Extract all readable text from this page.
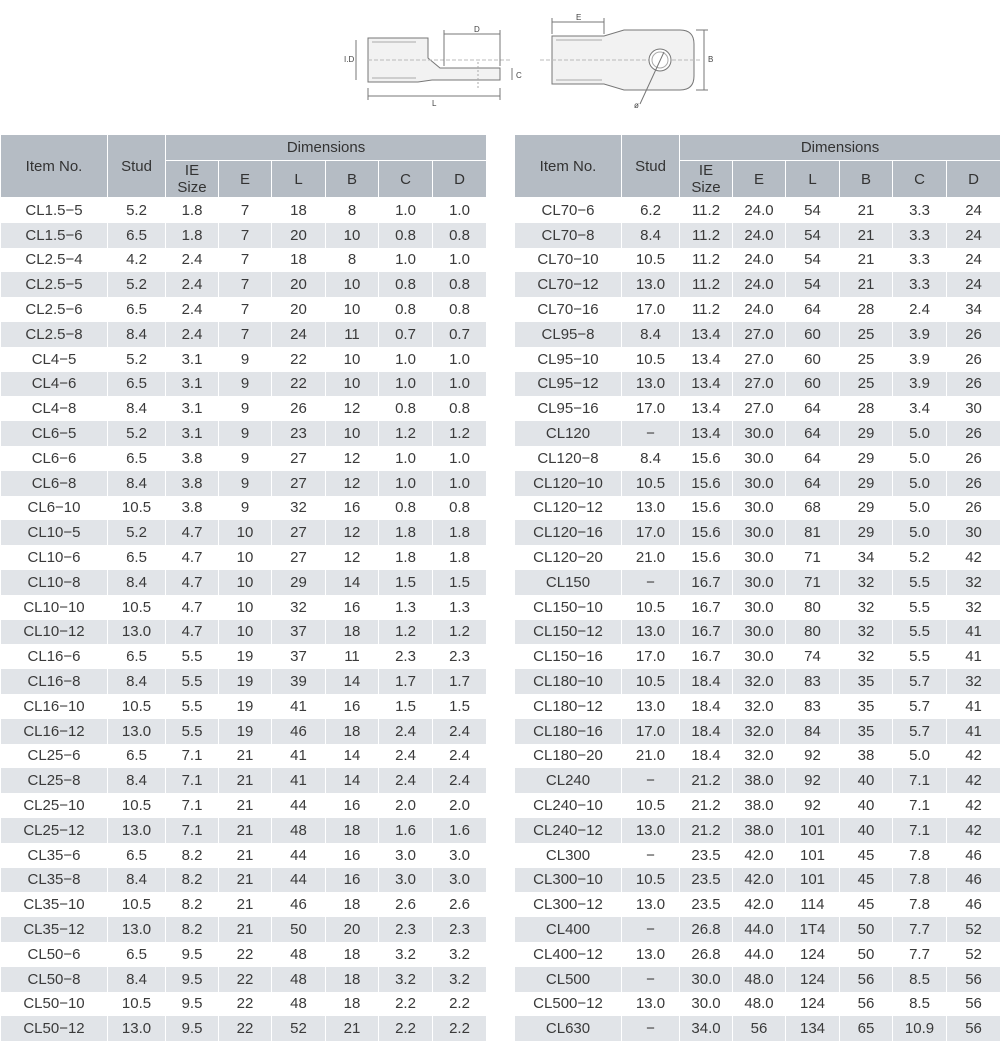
L
D
C
I.D
E
B
ø
Item No.	Stud	Dimensions					
		IE
Size	E	L	B	C	D
CL1.5−5	5.2	1.8	7	18	8	1.0	1.0
CL1.5−6	6.5	1.8	7	20	10	0.8	0.8
CL2.5−4	4.2	2.4	7	18	8	1.0	1.0
CL2.5−5	5.2	2.4	7	20	10	0.8	0.8
CL2.5−6	6.5	2.4	7	20	10	0.8	0.8
CL2.5−8	8.4	2.4	7	24	11	0.7	0.7
CL4−5	5.2	3.1	9	22	10	1.0	1.0
CL4−6	6.5	3.1	9	22	10	1.0	1.0
CL4−8	8.4	3.1	9	26	12	0.8	0.8
CL6−5	5.2	3.1	9	23	10	1.2	1.2
CL6−6	6.5	3.8	9	27	12	1.0	1.0
CL6−8	8.4	3.8	9	27	12	1.0	1.0
CL6−10	10.5	3.8	9	32	16	0.8	0.8
CL10−5	5.2	4.7	10	27	12	1.8	1.8
CL10−6	6.5	4.7	10	27	12	1.8	1.8
CL10−8	8.4	4.7	10	29	14	1.5	1.5
CL10−10	10.5	4.7	10	32	16	1.3	1.3
CL10−12	13.0	4.7	10	37	18	1.2	1.2
CL16−6	6.5	5.5	19	37	11	2.3	2.3
CL16−8	8.4	5.5	19	39	14	1.7	1.7
CL16−10	10.5	5.5	19	41	16	1.5	1.5
CL16−12	13.0	5.5	19	46	18	2.4	2.4
CL25−6	6.5	7.1	21	41	14	2.4	2.4
CL25−8	8.4	7.1	21	41	14	2.4	2.4
CL25−10	10.5	7.1	21	44	16	2.0	2.0
CL25−12	13.0	7.1	21	48	18	1.6	1.6
CL35−6	6.5	8.2	21	44	16	3.0	3.0
CL35−8	8.4	8.2	21	44	16	3.0	3.0
CL35−10	10.5	8.2	21	46	18	2.6	2.6
CL35−12	13.0	8.2	21	50	20	2.3	2.3
CL50−6	6.5	9.5	22	48	18	3.2	3.2
CL50−8	8.4	9.5	22	48	18	3.2	3.2
CL50−10	10.5	9.5	22	48	18	2.2	2.2
CL50−12	13.0	9.5	22	52	21	2.2	2.2
Item No.	Stud	Dimensions					
		IE
Size	E	L	B	C	D
CL70−6	6.2	11.2	24.0	54	21	3.3	24
CL70−8	8.4	11.2	24.0	54	21	3.3	24
CL70−10	10.5	11.2	24.0	54	21	3.3	24
CL70−12	13.0	11.2	24.0	54	21	3.3	24
CL70−16	17.0	11.2	24.0	64	28	2.4	34
CL95−8	8.4	13.4	27.0	60	25	3.9	26
CL95−10	10.5	13.4	27.0	60	25	3.9	26
CL95−12	13.0	13.4	27.0	60	25	3.9	26
CL95−16	17.0	13.4	27.0	64	28	3.4	30
CL120	−	13.4	30.0	64	29	5.0	26
CL120−8	8.4	15.6	30.0	64	29	5.0	26
CL120−10	10.5	15.6	30.0	64	29	5.0	26
CL120−12	13.0	15.6	30.0	68	29	5.0	26
CL120−16	17.0	15.6	30.0	81	29	5.0	30
CL120−20	21.0	15.6	30.0	71	34	5.2	42
CL150	−	16.7	30.0	71	32	5.5	32
CL150−10	10.5	16.7	30.0	80	32	5.5	32
CL150−12	13.0	16.7	30.0	80	32	5.5	41
CL150−16	17.0	16.7	30.0	74	32	5.5	41
CL180−10	10.5	18.4	32.0	83	35	5.7	32
CL180−12	13.0	18.4	32.0	83	35	5.7	41
CL180−16	17.0	18.4	32.0	84	35	5.7	41
CL180−20	21.0	18.4	32.0	92	38	5.0	42
CL240	−	21.2	38.0	92	40	7.1	42
CL240−10	10.5	21.2	38.0	92	40	7.1	42
CL240−12	13.0	21.2	38.0	101	40	7.1	42
CL300	−	23.5	42.0	101	45	7.8	46
CL300−10	10.5	23.5	42.0	101	45	7.8	46
CL300−12	13.0	23.5	42.0	114	45	7.8	46
CL400	−	26.8	44.0	1T4	50	7.7	52
CL400−12	13.0	26.8	44.0	124	50	7.7	52
CL500	−	30.0	48.0	124	56	8.5	56
CL500−12	13.0	30.0	48.0	124	56	8.5	56
CL630	−	34.0	56	134	65	10.9	56
